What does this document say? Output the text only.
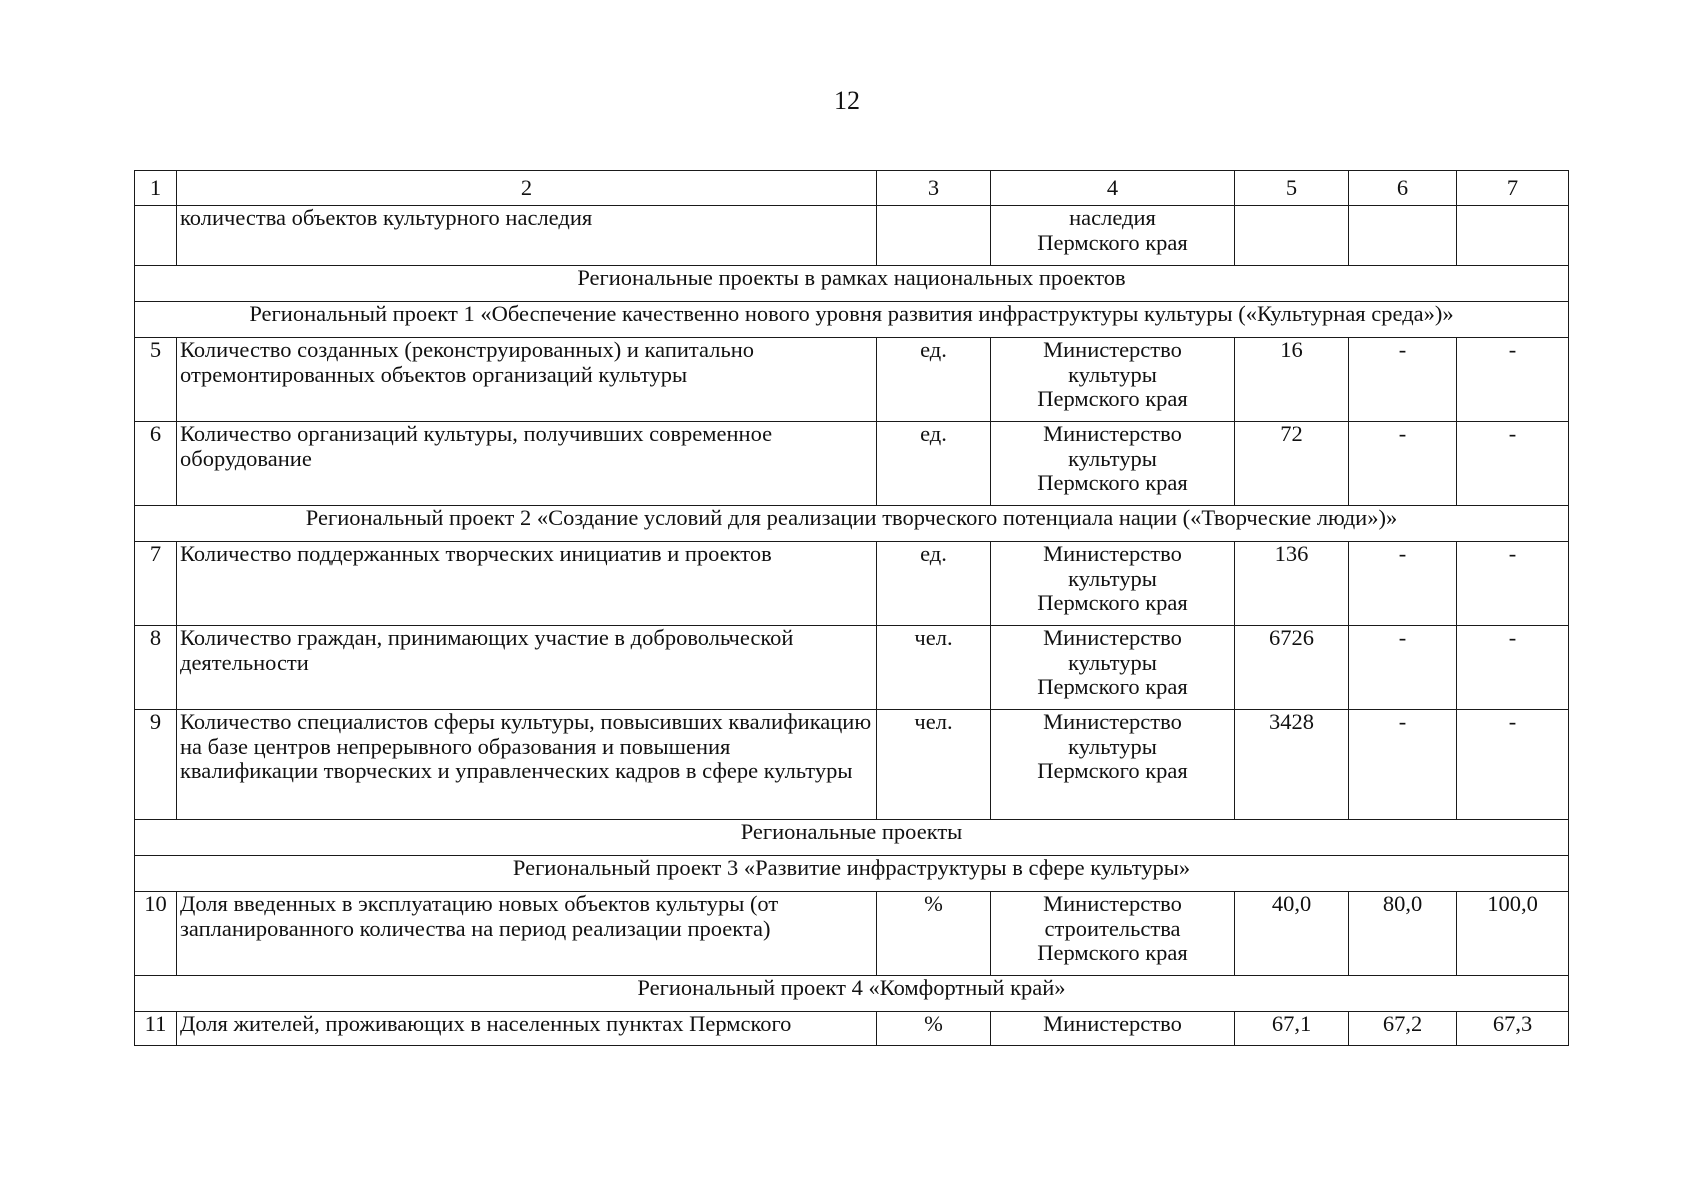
12
1	2	3	4	5	6	7
	количества объектов культурного наследия		наследия
Пермского края			

Региональные проекты в рамках национальных проектов						
Региональный проект 1 «Обеспечение качественно нового уровня развития инфраструктуры культуры («Культурная среда»)»						
5	Количество созданных (реконструированных) и капитально отремонтированных объектов организаций культуры	ед.	Министерство
культуры
Пермского края	16	-	-
6	Количество организаций культуры, получивших современное оборудование	ед.	Министерство
культуры
Пермского края	72	-	-
Региональный проект 2 «Создание условий для реализации творческого потенциала нации («Творческие люди»)»						
7	Количество поддержанных творческих инициатив и проектов	ед.	Министерство
культуры
Пермского края	136	-	-
8	Количество граждан, принимающих участие в добровольческой деятельности	чел.	Министерство
культуры
Пермского края	6726	-	-
9	Количество специалистов сферы культуры, повысивших квалификацию на базе центров непрерывного образования и повышения квалификации творческих и управленческих кадров в сфере культуры	чел.	Министерство
культуры
Пермского края	3428	-	-
Региональные проекты						
Региональный проект 3 «Развитие инфраструктуры в сфере культуры»						
10	Доля введенных в эксплуатацию новых объектов культуры (от запланированного количества на период реализации проекта)	%	Министерство
строительства
Пермского края	40,0	80,0	100,0
Региональный проект 4 «Комфортный край»						
11	Доля жителей, проживающих в населенных пунктах Пермского	%	Министерство	67,1	67,2	67,3
